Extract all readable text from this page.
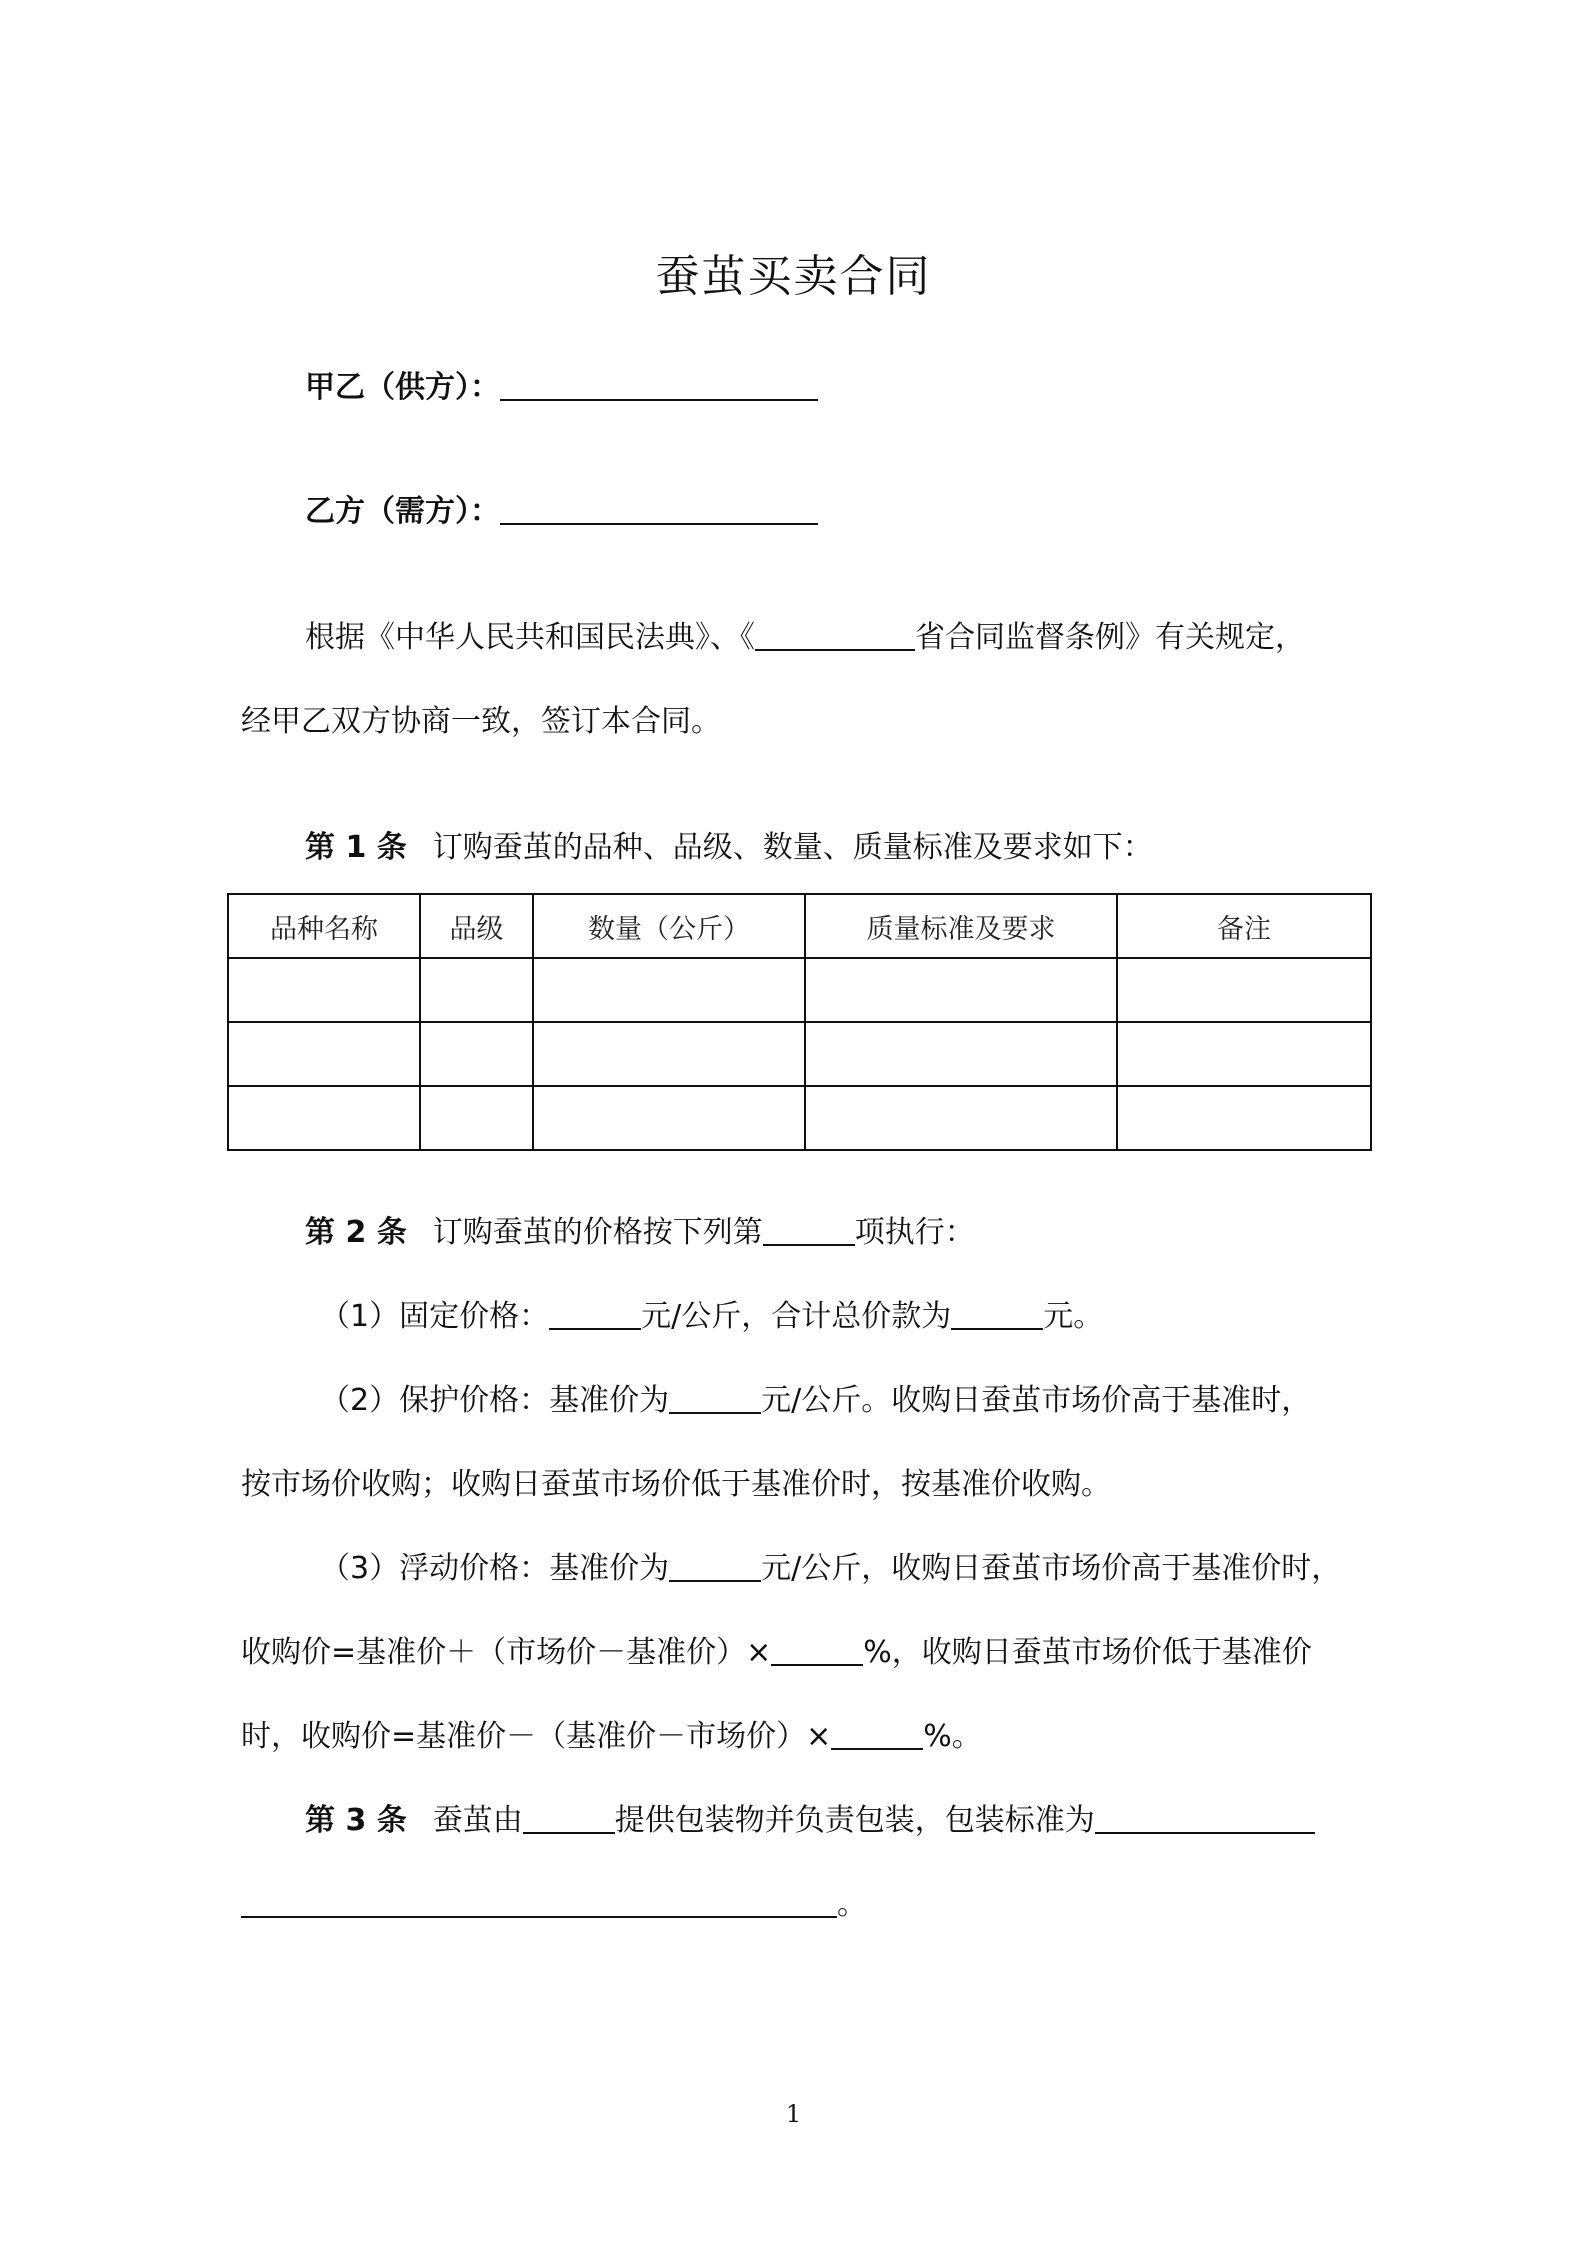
蚕茧买卖合同
甲乙（供方）：
乙方（需方）：
根据《中华人民共和国民法典》、《	省合同监督条例》有关规定，
经甲乙双方协商一致，签订本合同。
第 1 条 订购蚕茧的品种、品级、数量、质量标准及要求如下：
品种名称	品级	数量（公斤）	质量标准及要求	备注

第 2 条 订购蚕茧的价格按下列第	项执行：
（1）固定价格：	元/公斤，合计总价款为	元。
（2）保护价格：基准价为	元/公斤。收购日蚕茧市场价高于基准时，
按市场价收购；收购日蚕茧市场价低于基准价时，按基准价收购。
（3）浮动价格：基准价为	元/公斤，收购日蚕茧市场价高于基准价时，
收购价=基准价＋（市场价－基准价）×	%，收购日蚕茧市场价低于基准价
时，收购价=基准价－（基准价－市场价）×	%。
第 3 条 蚕茧由	提供包装物并负责包装，包装标准为
。
1
